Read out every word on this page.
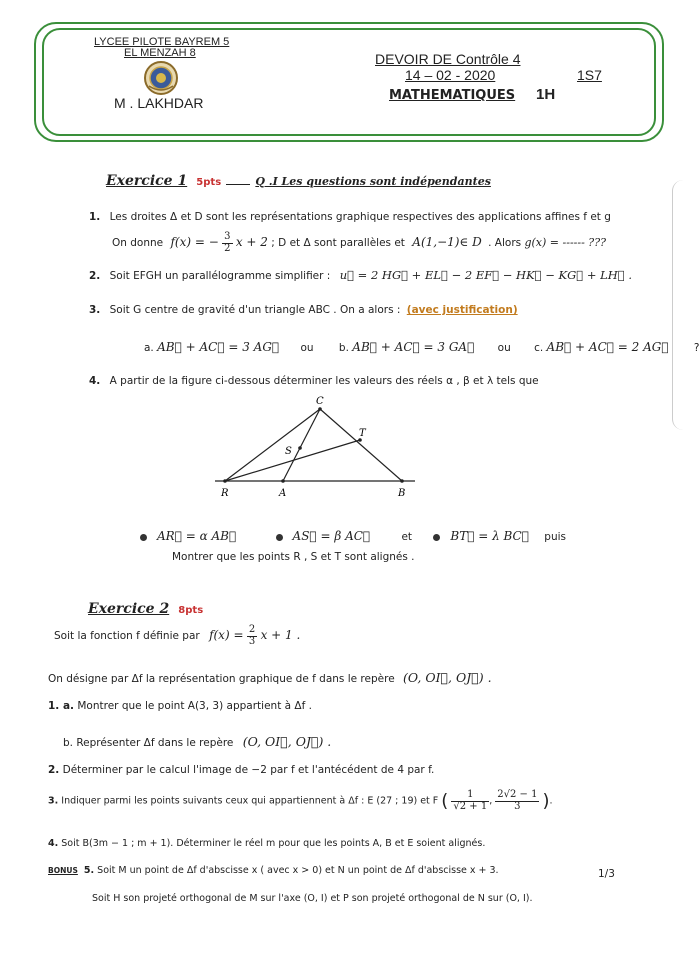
LYCEE PILOTE BAYREM 5
EL MENZAH 8
M . LAKHDAR
DEVOIR DE Contrôle 4
14 – 02 - 2020	1S7
MATHEMATIQUES 1H
Exercice 1 5pts	Q .I Les questions sont indépendantes
1. Les droites Δ et D sont les représentations graphique respectives des applications affines f et g
On donne f(x) = − $\frac{3}{2}$ x + 2 ; D et Δ sont parallèles et A(1,−1)∈ D . Alors g(x) = ------ ???
2. Soit EFGH un parallélogramme simplifier : u⃗ = 2 HG⃗ + EL⃗ − 2 EF⃗ − HK⃗ − KG⃗ + LH⃗ .
3. Soit G centre de gravité d'un triangle ABC . On a alors : (avec justification)
a. AB⃗ + AC⃗ = 3 AG⃗ ou b. AB⃗ + AC⃗ = 3 GA⃗ ou c. AB⃗ + AC⃗ = 2 AG⃗ ?
4. A partir de la figure ci-dessous déterminer les valeurs des réels α , β et λ tels que
C
T
S
R	A	B
AR⃗ = α AB⃗	AS⃗ = β AC⃗	et	BT⃗ = λ BC⃗ puis
Montrer que les points R , S et T sont alignés .
Exercice 2 8pts
Soit la fonction f définie par $f(x) = \frac{2}{3}$ x + 1 .
On désigne par Δf la représentation graphique de f dans le repère (O, OI⃗, OJ⃗) .
1. a. Montrer que le point A(3, 3) appartient à Δf .
b. Représenter Δf dans le repère (O, OI⃗, OJ⃗) .
2. Déterminer par le calcul l'image de −2 par f et l'antécédent de 4 par f.
3. Indiquer parmi les points suivants ceux qui appartiennent à Δf : E (27 ; 19) et F ( $\frac{1}{√2 + 1}$ , $\frac{2√2 - 1}{3}$ ).
4. Soit B(3m − 1 ; m + 1). Déterminer le réel m pour que les points A, B et E soient alignés.
BONUS 5. Soit M un point de Δf d'abscisse x ( avec x > 0) et N un point de Δf d'abscisse x + 3.	1/3
Soit H son projeté orthogonal de M sur l'axe (O, I) et P son projeté orthogonal de N sur (O, I).
